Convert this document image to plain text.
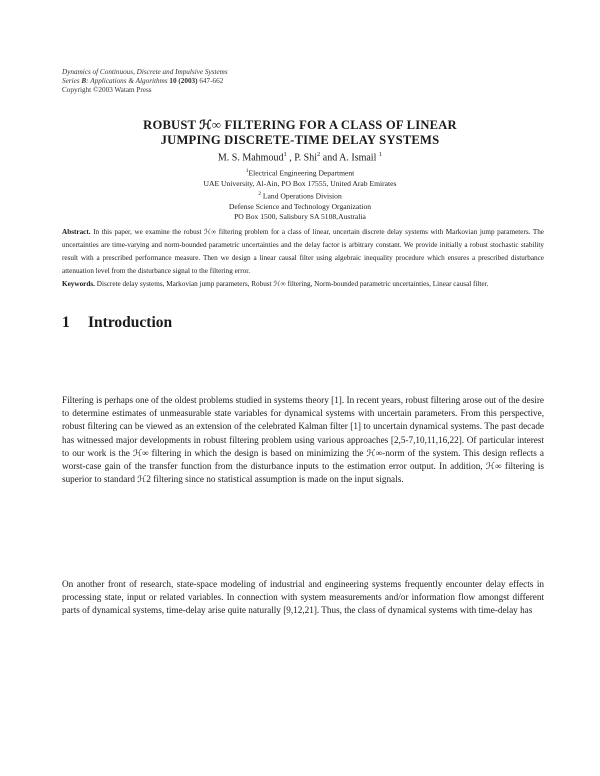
Dynamics of Continuous, Discrete and Impulsive Systems
Series B: Applications & Algorithms 10 (2003) 647-662
Copyright ©2003 Watam Press
ROBUST ℋ∞ FILTERING FOR A CLASS OF LINEAR
JUMPING DISCRETE-TIME DELAY SYSTEMS
M. S. Mahmoud$^1$ , P. Shi$^2$ and A. Ismail $^1$
$^1$Electrical Engineering Department
UAE University, Al-Ain, PO Box 17555, United Arab Emirates
$^2$ Land Operations Division
Defense Science and Technology Organization
PO Box 1500, Salisbury SA 5108,Australia
Abstract. In this paper, we examine the robust ℋ∞ filtering problem for a class of linear, uncertain discrete delay systems with Markovian jump parameters. The uncertainties are time-varying and norm-bounded parametric uncertainties and the delay factor is arbitrary constant. We provide initially a robust stochastic stability result with a prescribed performance measure. Then we design a linear causal filter using algebraic inequality procedure which ensures a prescribed disturbance attenuation level from the disturbance signal to the filtering error.
Keywords. Discrete delay systems, Markovian jump parameters, Robust ℋ∞ filtering, Norm-bounded parametric uncertainties, Linear causal filter.
1 Introduction
Filtering is perhaps one of the oldest problems studied in systems theory [1]. In recent years, robust filtering arose out of the desire to determine estimates of unmeasurable state variables for dynamical systems with uncertain parameters. From this perspective, robust filtering can be viewed as an extension of the celebrated Kalman filter [1] to uncertain dynamical systems. The past decade has witnessed major developments in robust filtering problem using various approaches [2,5-7,10,11,16,22]. Of particular interest to our work is the ℋ∞ filtering in which the design is based on minimizing the ℋ∞-norm of the system. This design reflects a worst-case gain of the transfer function from the disturbance inputs to the estimation error output. In addition, ℋ∞ filtering is superior to standard ℋ2 filtering since no statistical assumption is made on the input signals.
On another front of research, state-space modeling of industrial and engineering systems frequently encounter delay effects in processing state, input or related variables. In connection with system measurements and/or information flow amongst different parts of dynamical systems, time-delay arise quite naturally [9,12,21]. Thus, the class of dynamical systems with time-delay has
